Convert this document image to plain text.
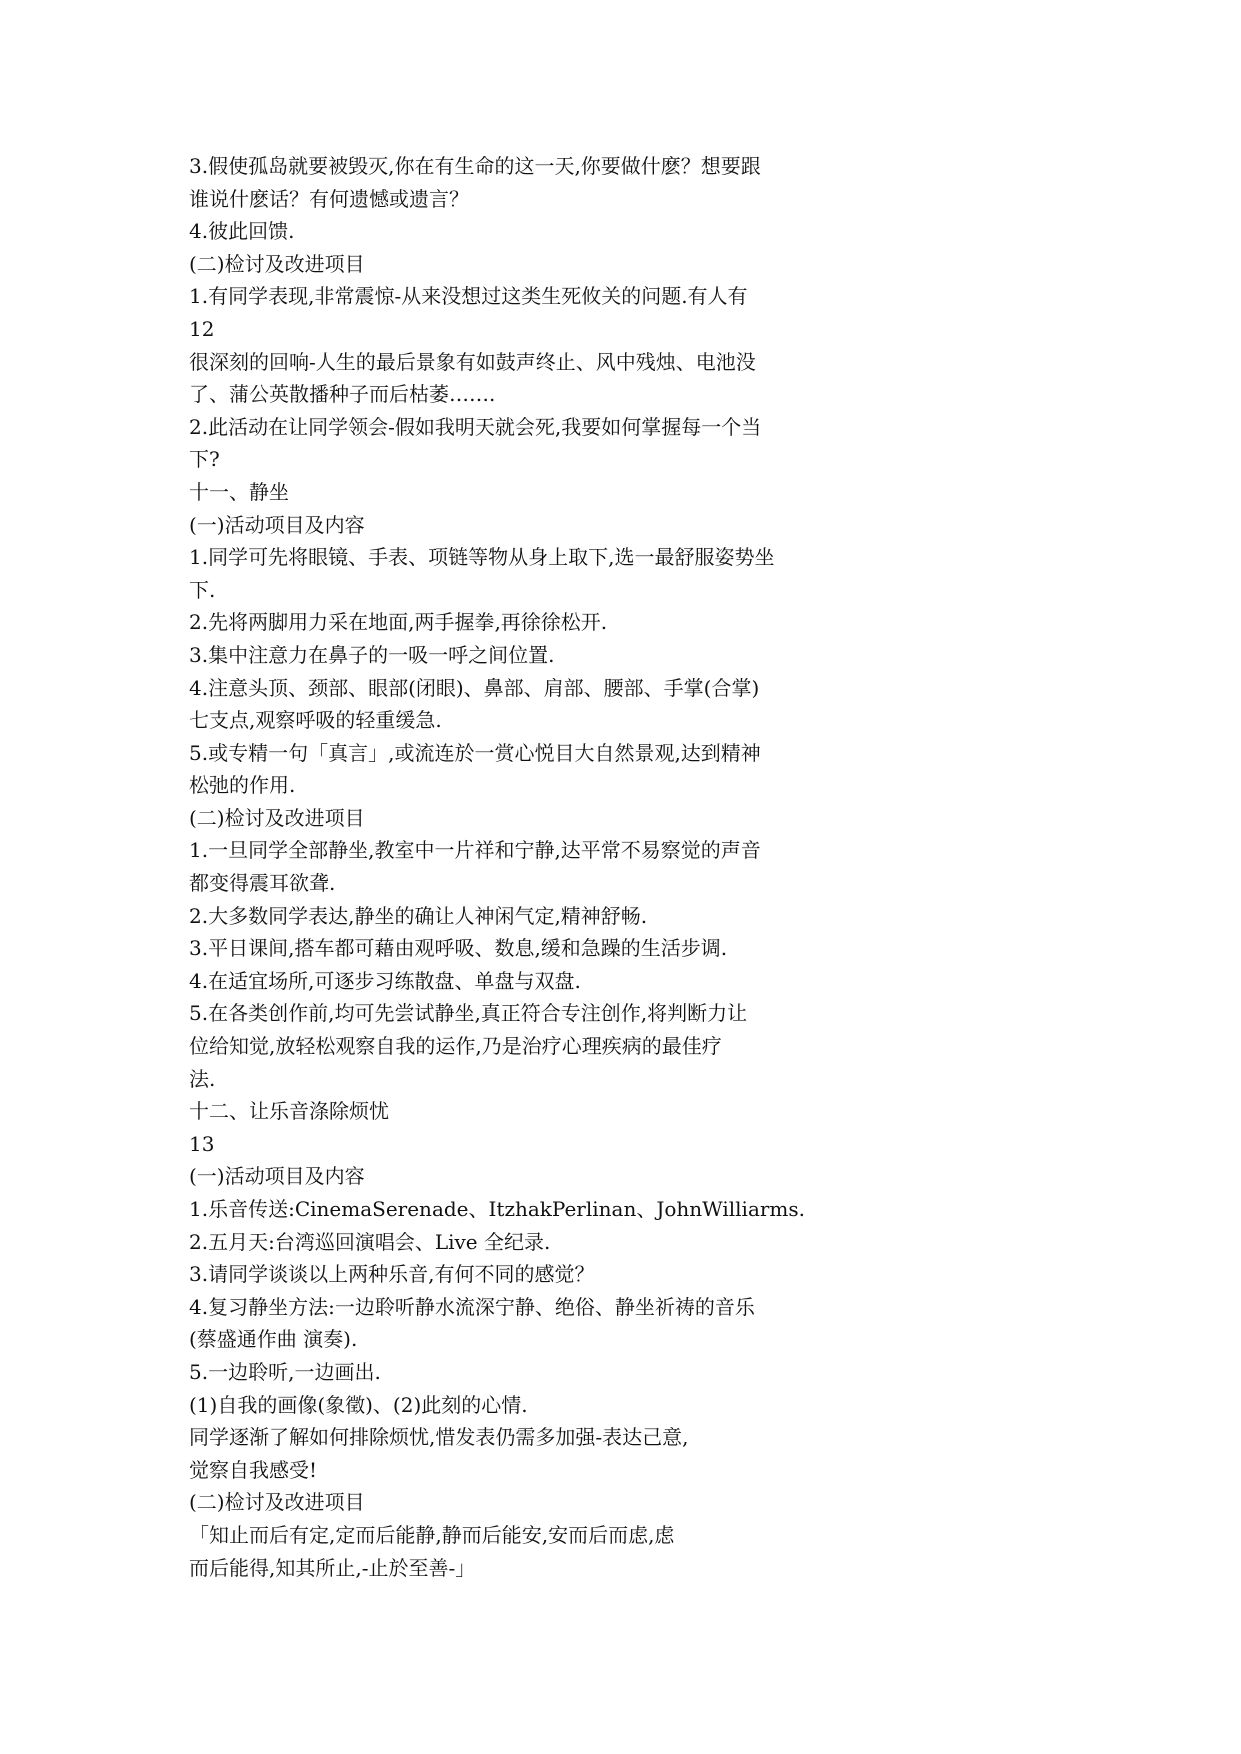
3.假使孤岛就要被毁灭,你在有生命的这一天,你要做什麽？想要跟

谁说什麽话？有何遗憾或遗言？

4.彼此回馈.

(二)检讨及改进项目

1.有同学表现,非常震惊-从来没想过这类生死攸关的问题.有人有

12

很深刻的回响-人生的最后景象有如鼓声终止、风中残烛、电池没

了、蒲公英散播种子而后枯萎…….

2.此活动在让同学领会-假如我明天就会死,我要如何掌握每一个当

下?

十一、静坐

(一)活动项目及内容

1.同学可先将眼镜、手表、项链等物从身上取下,选一最舒服姿势坐

下.

2.先将两脚用力采在地面,两手握拳,再徐徐松开.

3.集中注意力在鼻子的一吸一呼之间位置.

4.注意头顶、颈部、眼部(闭眼)、鼻部、肩部、腰部、手掌(合掌)

七支点,观察呼吸的轻重缓急.

5.或专精一句「真言」,或流连於一赏心悦目大自然景观,达到精神

松弛的作用.

(二)检讨及改进项目

1.一旦同学全部静坐,教室中一片祥和宁静,达平常不易察觉的声音

都变得震耳欲聋.

2.大多数同学表达,静坐的确让人神闲气定,精神舒畅.

3.平日课间,搭车都可藉由观呼吸、数息,缓和急躁的生活步调.

4.在适宜场所,可逐步习练散盘、单盘与双盘.

5.在各类创作前,均可先尝试静坐,真正符合专注创作,将判断力让

位给知觉,放轻松观察自我的运作,乃是治疗心理疾病的最佳疗

法.

十二、让乐音涤除烦忧

13

(一)活动项目及内容

1.乐音传送:CinemaSerenade、ItzhakPerlinan、JohnWilliarms.

2.五月天:台湾巡回演唱会、Live 全纪录.

3.请同学谈谈以上两种乐音,有何不同的感觉？

4.复习静坐方法:一边聆听静水流深宁静、绝俗、静坐祈祷的音乐

(蔡盛通作曲 演奏).

5.一边聆听,一边画出.

(1)自我的画像(象徵)、(2)此刻的心情.

同学逐渐了解如何排除烦忧,惜发表仍需多加强-表达己意,

觉察自我感受!

(二)检讨及改进项目

「知止而后有定,定而后能静,静而后能安,安而后而虑,虑

而后能得,知其所止,-止於至善-」
